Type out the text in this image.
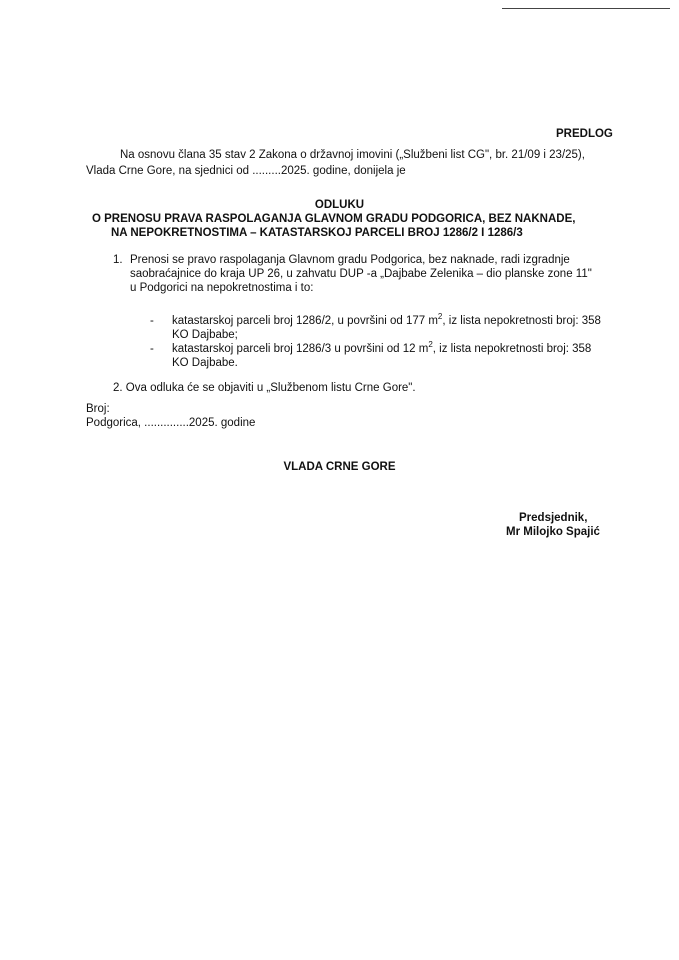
PREDLOG
Na osnovu člana 35 stav 2 Zakona o državnoj imovini („Službeni list CG", br. 21/09 i 23/25),
Vlada Crne Gore, na sjednici od .........2025. godine, donijela je
ODLUKU
O PRENOSU PRAVA RASPOLAGANJA GLAVNOM GRADU PODGORICA, BEZ NAKNADE,
NA NEPOKRETNOSTIMA – KATASTARSKOJ PARCELI BROJ 1286/2 I 1286/3
1. Prenosi se pravo raspolaganja Glavnom gradu Podgorica, bez naknade, radi izgradnje
saobraćajnice do kraja UP 26, u zahvatu DUP -a „Dajbabe Zelenika – dio planske zone 11"
u Podgorici na nepokretnostima i to:
- katastarskoj parceli broj 1286/2, u površini od 177 $m^2$, iz lista nepokretnosti broj: 358
KO Dajbabe;
- katastarskoj parceli broj 1286/3 u površini od 12 $m^2$, iz lista nepokretnosti broj: 358
KO Dajbabe.
2. Ova odluka će se objaviti u „Službenom listu Crne Gore".
Broj:
Podgorica, ..............2025. godine
VLADA CRNE GORE
Predsjednik,
Mr Milojko Spajić
